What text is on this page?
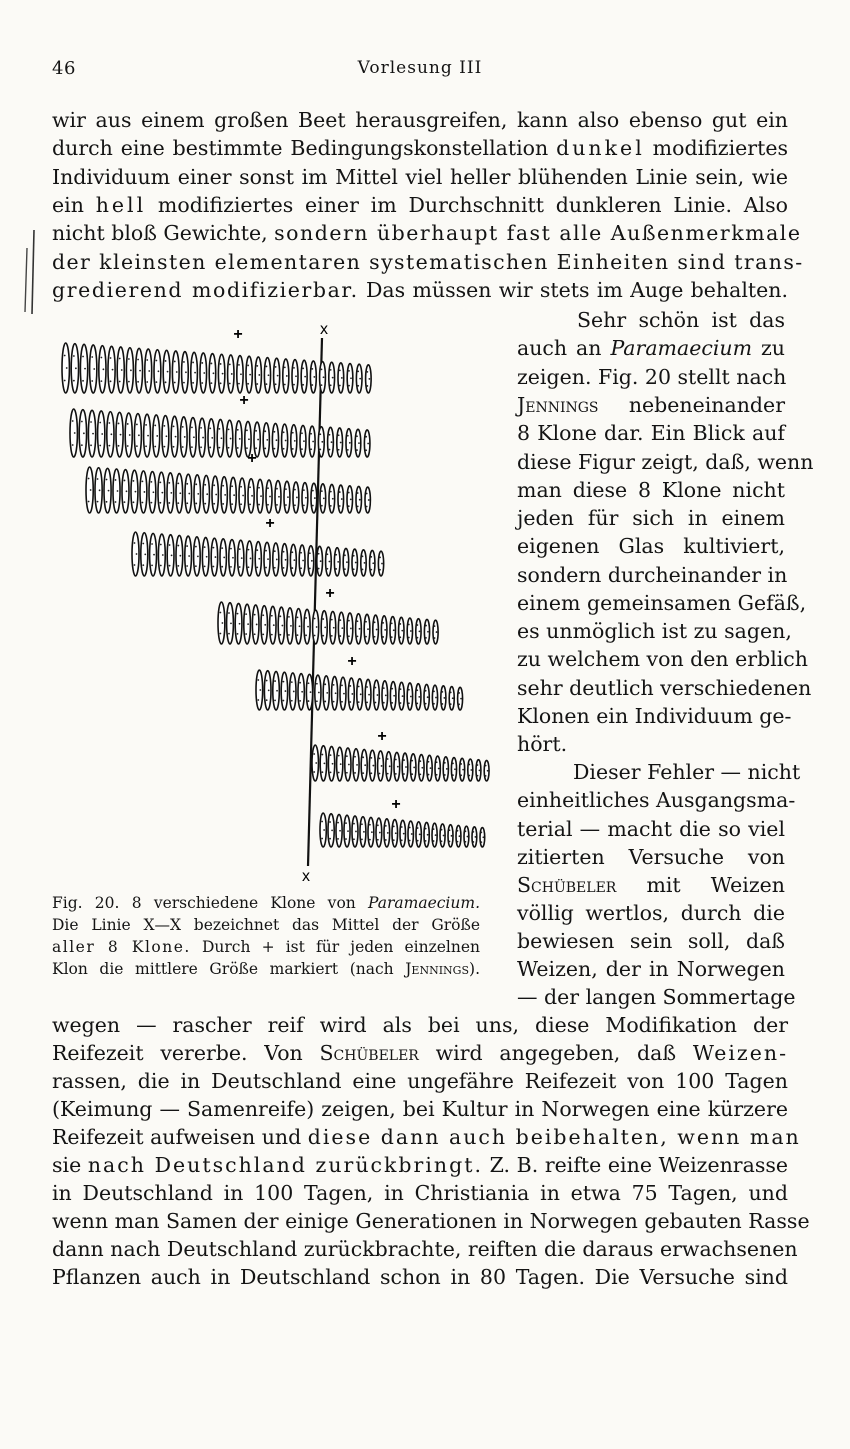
46	Vorlesung III
wir aus einem großen Beet herausgreifen, kann also ebenso gut ein
durch eine bestimmte Bedingungskonstellation dunkel modifiziertes
Individuum einer sonst im Mittel viel heller blühenden Linie sein, wie
ein hell modifiziertes einer im Durchschnitt dunkleren Linie. Also
nicht bloß Gewichte, sondern überhaupt fast alle Außenmerkmale
der kleinsten elementaren systematischen Einheiten sind trans-
gredierend modifizierbar. Das müssen wir stets im Auge behalten.
x
x
+
+
+
+
+
+
+
+
Fig. 20. 8 verschiedene Klone von Paramaecium.
Die Linie X—X bezeichnet das Mittel der Größe
aller 8 Klone. Durch + ist für jeden einzelnen
Klon die mittlere Größe markiert (nach Jennings).
Sehr schön ist das
auch an Paramaecium zu
zeigen. Fig. 20 stellt nach
Jennings nebeneinander
8 Klone dar. Ein Blick auf
diese Figur zeigt, daß, wenn
man diese 8 Klone nicht
jeden für sich in einem
eigenen Glas kultiviert,
sondern durcheinander in
einem gemeinsamen Gefäß,
es unmöglich ist zu sagen,
zu welchem von den erblich
sehr deutlich verschiedenen
Klonen ein Individuum ge-
hört.
Dieser Fehler — nicht
einheitliches Ausgangsma-
terial — macht die so viel
zitierten Versuche von
Schübeler mit Weizen
völlig wertlos, durch die
bewiesen sein soll, daß
Weizen, der in Norwegen
— der langen Sommertage
wegen — rascher reif wird als bei uns, diese Modifikation der
Reifezeit vererbe. Von Schübeler wird angegeben, daß Weizen-
rassen, die in Deutschland eine ungefähre Reifezeit von 100 Tagen
(Keimung — Samenreife) zeigen, bei Kultur in Norwegen eine kürzere
Reifezeit aufweisen und diese dann auch beibehalten, wenn man
sie nach Deutschland zurückbringt. Z. B. reifte eine Weizenrasse
in Deutschland in 100 Tagen, in Christiania in etwa 75 Tagen, und
wenn man Samen der einige Generationen in Norwegen gebauten Rasse
dann nach Deutschland zurückbrachte, reiften die daraus erwachsenen
Pflanzen auch in Deutschland schon in 80 Tagen. Die Versuche sind
